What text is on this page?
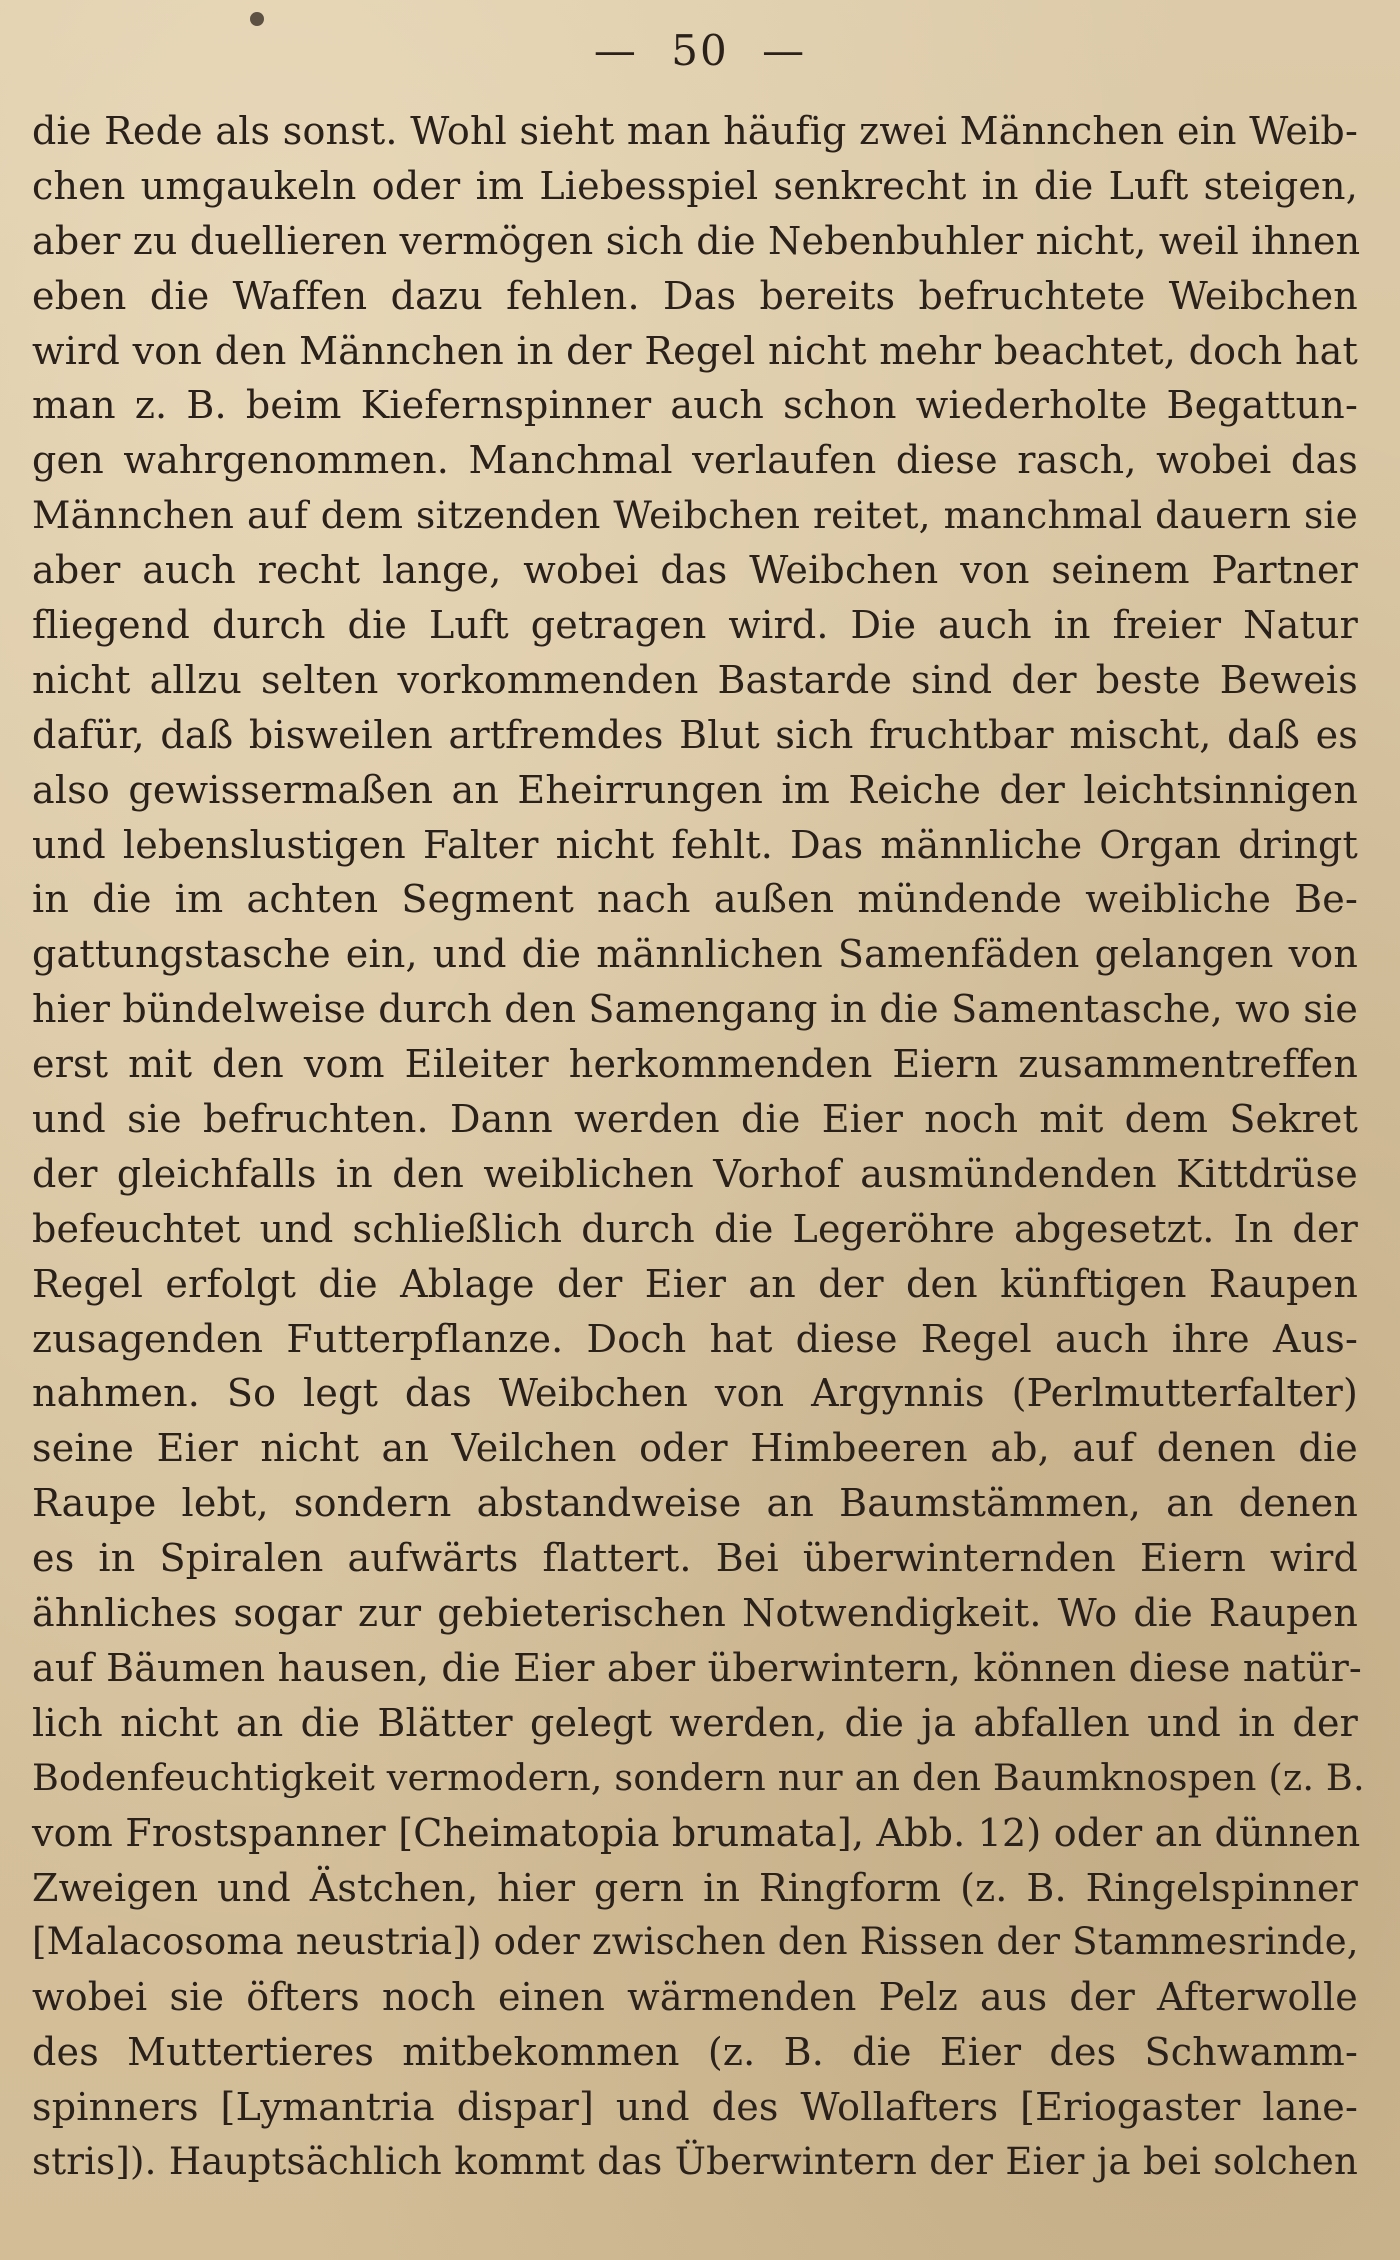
— 50 —
die Rede als sonst. Wohl sieht man häufig zwei Männchen ein Weib-
chen umgaukeln oder im Liebesspiel senkrecht in die Luft steigen,
aber zu duellieren vermögen sich die Nebenbuhler nicht, weil ihnen
eben die Waffen dazu fehlen. Das bereits befruchtete Weibchen
wird von den Männchen in der Regel nicht mehr beachtet, doch hat
man z. B. beim Kiefernspinner auch schon wiederholte Begattun-
gen wahrgenommen. Manchmal verlaufen diese rasch, wobei das
Männchen auf dem sitzenden Weibchen reitet, manchmal dauern sie
aber auch recht lange, wobei das Weibchen von seinem Partner
fliegend durch die Luft getragen wird. Die auch in freier Natur
nicht allzu selten vorkommenden Bastarde sind der beste Beweis
dafür, daß bisweilen artfremdes Blut sich fruchtbar mischt, daß es
also gewissermaßen an Eheirrungen im Reiche der leichtsinnigen
und lebenslustigen Falter nicht fehlt. Das männliche Organ dringt
in die im achten Segment nach außen mündende weibliche Be-
gattungstasche ein, und die männlichen Samenfäden gelangen von
hier bündelweise durch den Samengang in die Samentasche, wo sie
erst mit den vom Eileiter herkommenden Eiern zusammentreffen
und sie befruchten. Dann werden die Eier noch mit dem Sekret
der gleichfalls in den weiblichen Vorhof ausmündenden Kittdrüse
befeuchtet und schließlich durch die Legeröhre abgesetzt. In der
Regel erfolgt die Ablage der Eier an der den künftigen Raupen
zusagenden Futterpflanze. Doch hat diese Regel auch ihre Aus-
nahmen. So legt das Weibchen von Argynnis (Perlmutterfalter)
seine Eier nicht an Veilchen oder Himbeeren ab, auf denen die
Raupe lebt, sondern abstandweise an Baumstämmen, an denen
es in Spiralen aufwärts flattert. Bei überwinternden Eiern wird
ähnliches sogar zur gebieterischen Notwendigkeit. Wo die Raupen
auf Bäumen hausen, die Eier aber überwintern, können diese natür-
lich nicht an die Blätter gelegt werden, die ja abfallen und in der
Bodenfeuchtigkeit vermodern, sondern nur an den Baumknospen (z. B.
vom Frostspanner [Cheimatopia brumata], Abb. 12) oder an dünnen
Zweigen und Ästchen, hier gern in Ringform (z. B. Ringelspinner
[Malacosoma neustria]) oder zwischen den Rissen der Stammesrinde,
wobei sie öfters noch einen wärmenden Pelz aus der Afterwolle
des Muttertieres mitbekommen (z. B. die Eier des Schwamm-
spinners [Lymantria dispar] und des Wollafters [Eriogaster lane-
stris]). Hauptsächlich kommt das Überwintern der Eier ja bei solchen
